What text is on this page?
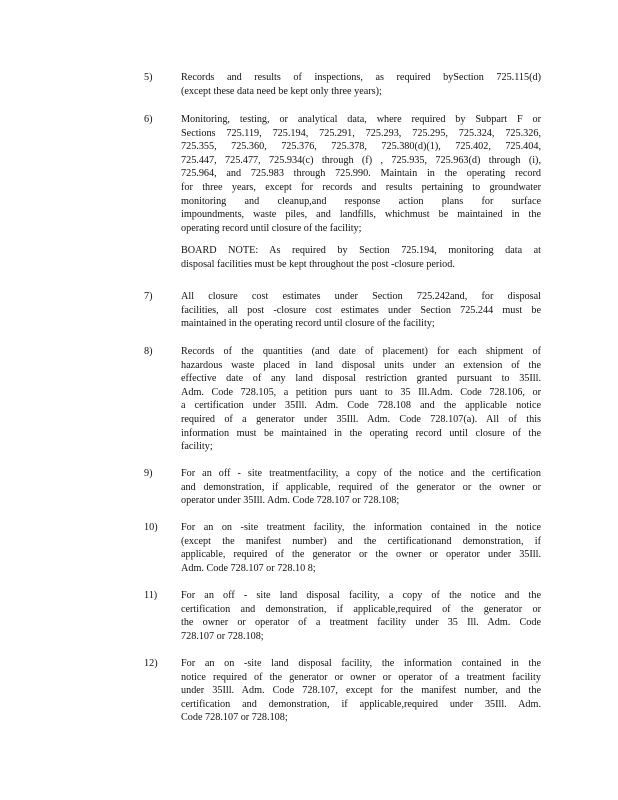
5)	Records and results of inspections, as required bySection 725.115(d)
(except these data need be kept only three years);
6)	Monitoring, testing, or analytical data, where required by Subpart F or
Sections 725.119, 725.194, 725.291, 725.293, 725.295, 725.324, 725.326,
725.355, 725.360, 725.376, 725.378, 725.380(d)(1), 725.402, 725.404,
725.447, 725.477, 725.934(c) through (f) , 725.935, 725.963(d) through (i),
725.964, and 725.983 through 725.990. Maintain in the operating record
for three years, except for records and results pertaining to groundwater
monitoring and cleanup,and response action plans for surface
impoundments, waste piles, and landfills, whichmust be maintained in the
operating record until closure of the facility;
BOARD NOTE: As required by Section 725.194, monitoring data at
disposal facilities must be kept throughout the post -closure period.
7)	All closure cost estimates under Section 725.242and, for disposal
facilities, all post -closure cost estimates under Section 725.244 must be
maintained in the operating record until closure of the facility;
8)	Records of the quantities (and date of placement) for each shipment of
hazardous waste placed in land disposal units under an extension of the
effective date of any land disposal restriction granted pursuant to 35Ill.
Adm. Code 728.105, a petition purs uant to 35 Ill.Adm. Code 728.106, or
a certification under 35Ill. Adm. Code 728.108 and the applicable notice
required of a generator under 35Ill. Adm. Code 728.107(a). All of this
information must be maintained in the operating record until closure of the
facility;
9)	For an off - site treatmentfacility, a copy of the notice and the certification
and demonstration, if applicable, required of the generator or the owner or
operator under 35Ill. Adm. Code 728.107 or 728.108;
10) For an on -site treatment facility, the information contained in the notice
(except the manifest number) and the certificationand demonstration, if
applicable, required of the generator or the owner or operator under 35Ill.
Adm. Code 728.107 or 728.10 8;
11) For an off - site land disposal facility, a copy of the notice and the
certification and demonstration, if applicable,required of the generator or
the owner or operator of a treatment facility under 35 Ill. Adm. Code
728.107 or 728.108;
12) For an on -site land disposal facility, the information contained in the
notice required of the generator or owner or operator of a treatment facility
under 35Ill. Adm. Code 728.107, except for the manifest number, and the
certification and demonstration, if applicable,required under 35Ill. Adm.
Code 728.107 or 728.108;
